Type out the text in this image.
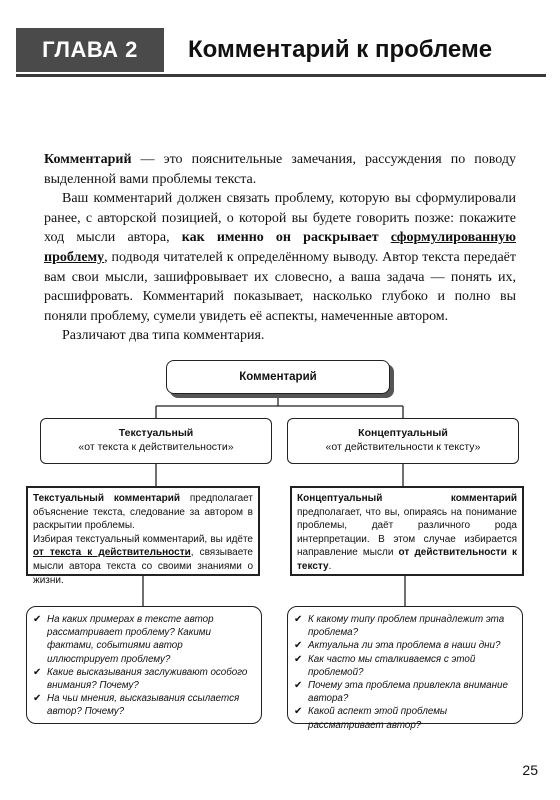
ГЛАВА 2	Комментарий к проблеме

Комментарий — это пояснительные замечания, рассуждения по поводу выделенной вами проблемы текста.

Ваш комментарий должен связать проблему, которую вы сформулировали ранее, с авторской позицией, о которой вы будете говорить позже: покажите ход мысли автора, как именно он раскрывает сформулированную проблему, подводя читателей к определённому выводу. Автор текста передаёт вам свои мысли, зашифровывает их словесно, а ваша задача — понять их, расшифровать. Комментарий показывает, насколько глубоко и полно вы поняли проблему, сумели увидеть её аспекты, намеченные автором.

Различают два типа комментария.

Комментарий
Текстуальный
«от текста к действительности»
Концептуальный
«от действительности к тексту»
Текстуальный комментарий предполагает объяснение текста, следование за автором в раскрытии проблемы.
Избирая текстуальный комментарий, вы идёте от текста к действительности, связываете мысли автора текста со своими знаниями о жизни.
Концептуальный комментарий предполагает, что вы, опираясь на понимание проблемы, даёт различного рода интерпретации. В этом случае избирается направление мысли от действительности к тексту.
✔ На каких примерах в тексте автор рассматривает проблему? Какими фактами, событиями автор иллюстрирует проблему?
✔ Какие высказывания заслуживают особого внимания? Почему?
✔ На чьи мнения, высказывания ссылается автор? Почему?
✔ К какому типу проблем принадлежит эта проблема?
✔ Актуальна ли эта проблема в наши дни?
✔ Как часто мы сталкиваемся с этой проблемой?
✔ Почему эта проблема привлекла внимание автора?
✔ Какой аспект этой проблемы рассматривает автор?
25
